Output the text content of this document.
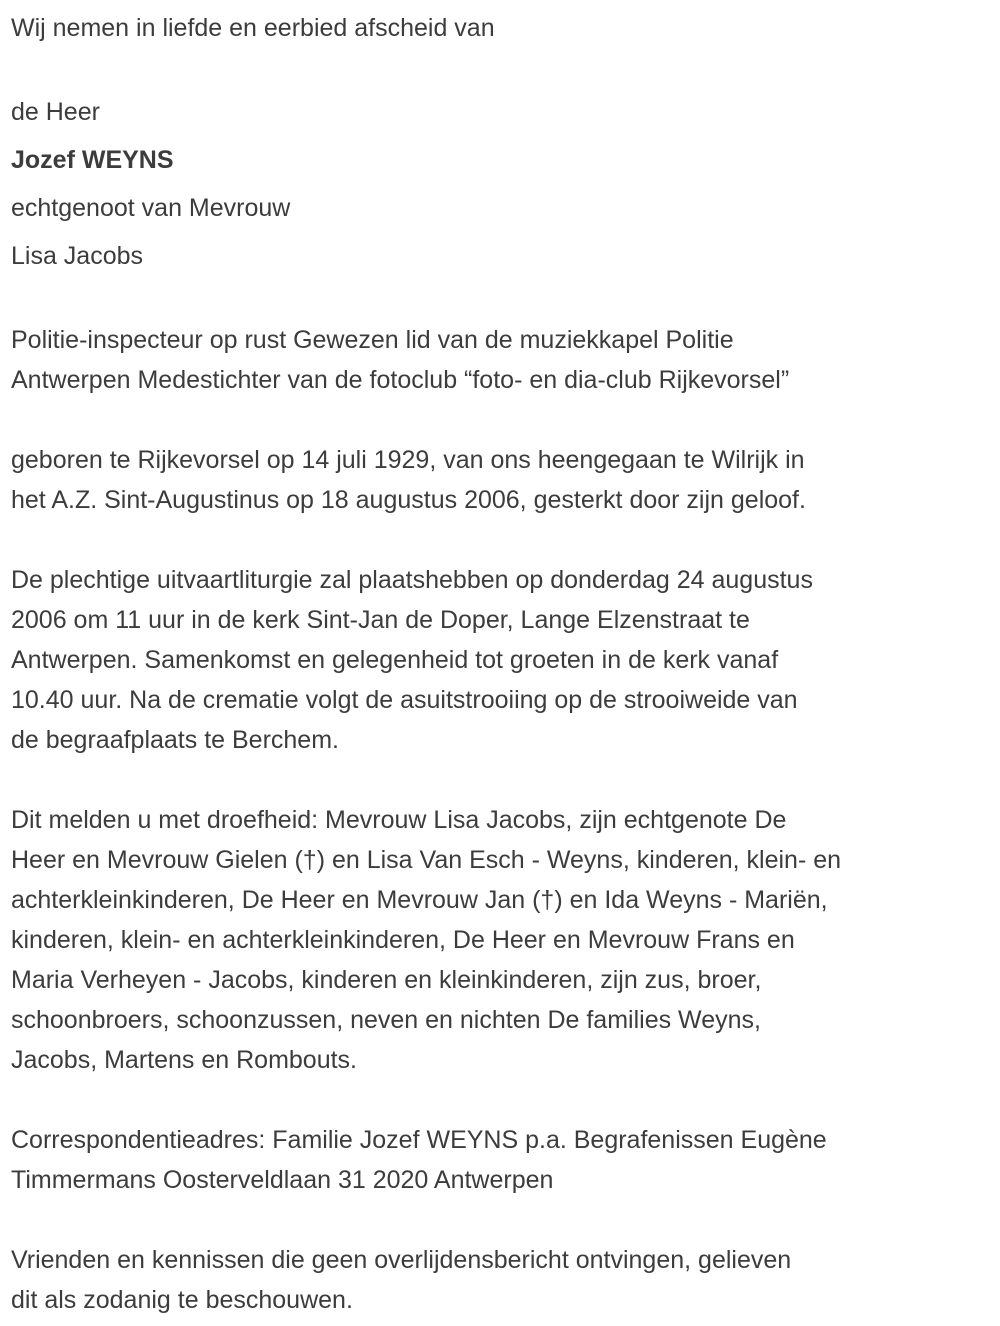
Wij nemen in liefde en eerbied afscheid van
de Heer
Jozef WEYNS
echtgenoot van Mevrouw
Lisa Jacobs
Politie-inspecteur op rust Gewezen lid van de muziekkapel Politie
Antwerpen Medestichter van de fotoclub “foto- en dia-club Rijkevorsel”
geboren te Rijkevorsel op 14 juli 1929, van ons heengegaan te Wilrijk in
het A.Z. Sint-Augustinus op 18 augustus 2006, gesterkt door zijn geloof.
De plechtige uitvaartliturgie zal plaatshebben op donderdag 24 augustus
2006 om 11 uur in de kerk Sint-Jan de Doper, Lange Elzenstraat te
Antwerpen. Samenkomst en gelegenheid tot groeten in de kerk vanaf
10.40 uur. Na de crematie volgt de asuitstrooiing op de strooiweide van
de begraafplaats te Berchem.
Dit melden u met droefheid: Mevrouw Lisa Jacobs, zijn echtgenote De
Heer en Mevrouw Gielen (†) en Lisa Van Esch - Weyns, kinderen, klein- en
achterkleinkinderen, De Heer en Mevrouw Jan (†) en Ida Weyns - Mariën,
kinderen, klein- en achterkleinkinderen, De Heer en Mevrouw Frans en
Maria Verheyen - Jacobs, kinderen en kleinkinderen, zijn zus, broer,
schoonbroers, schoonzussen, neven en nichten De families Weyns,
Jacobs, Martens en Rombouts.
Correspondentieadres: Familie Jozef WEYNS p.a. Begrafenissen Eugène
Timmermans Oosterveldlaan 31 2020 Antwerpen
Vrienden en kennissen die geen overlijdensbericht ontvingen, gelieven
dit als zodanig te beschouwen.
